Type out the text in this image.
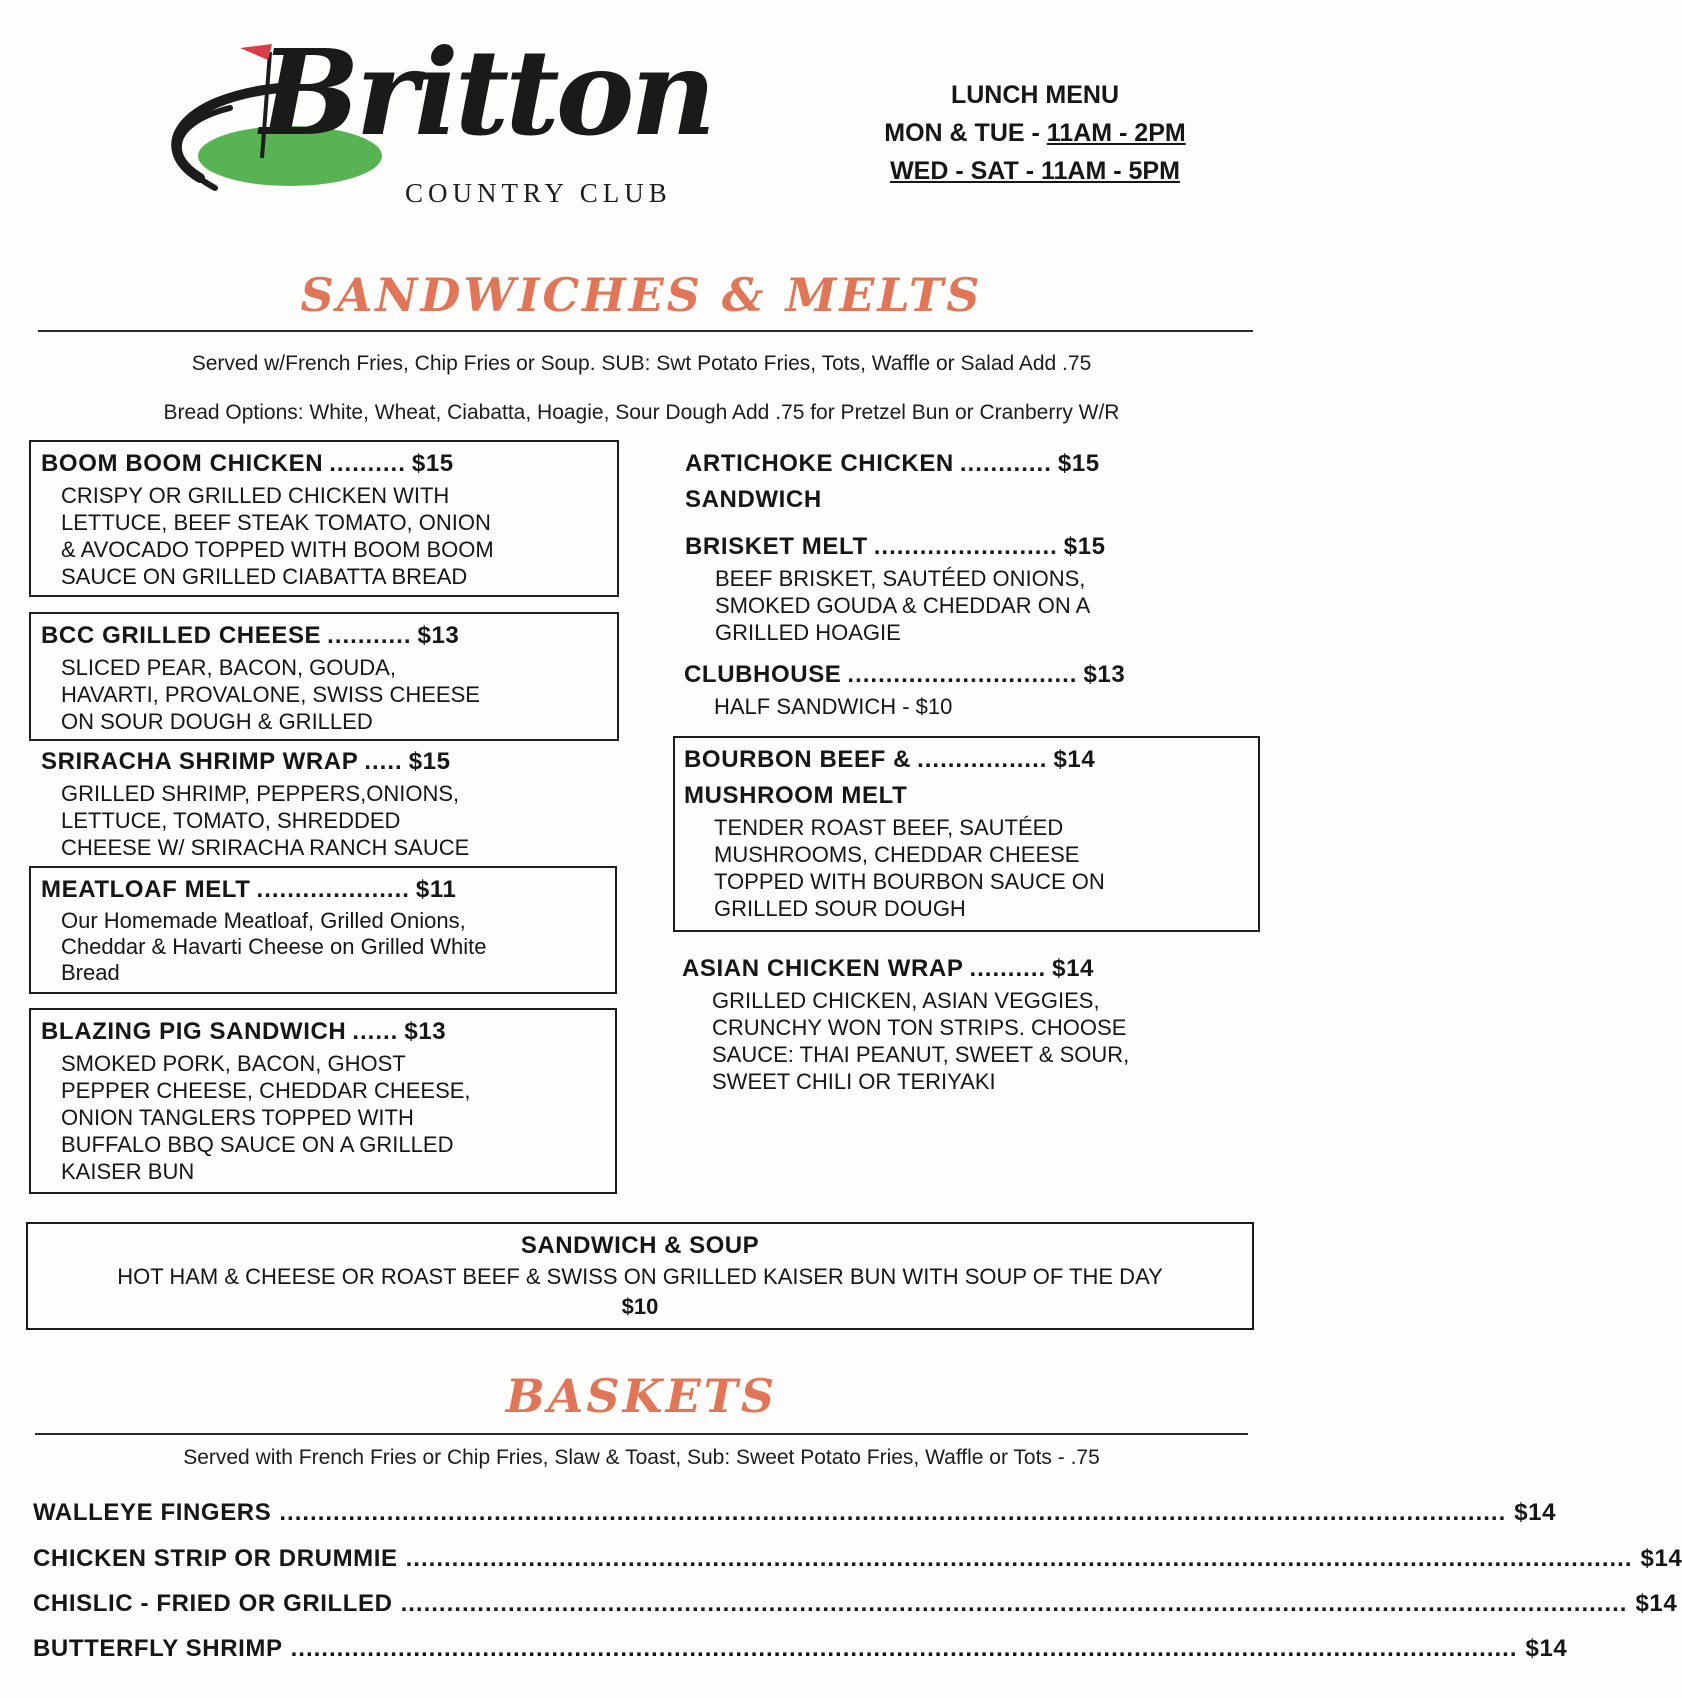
Britton
COUNTRY CLUB
LUNCH MENU
MON & TUE - 11AM - 2PM
WED - SAT - 11AM - 5PM
SANDWICHES & MELTS
Served w/French Fries, Chip Fries or Soup. SUB: Swt Potato Fries, Tots, Waffle or Salad Add .75
Bread Options: White, Wheat, Ciabatta, Hoagie, Sour Dough Add .75 for Pretzel Bun or Cranberry W/R
BOOM BOOM CHICKEN .......... $15
CRISPY OR GRILLED CHICKEN WITH
LETTUCE, BEEF STEAK TOMATO, ONION
& AVOCADO TOPPED WITH BOOM BOOM
SAUCE ON GRILLED CIABATTA BREAD
BCC GRILLED CHEESE ........... $13
SLICED PEAR, BACON, GOUDA,
HAVARTI, PROVALONE, SWISS CHEESE
ON SOUR DOUGH & GRILLED
SRIRACHA SHRIMP WRAP ..... $15
GRILLED SHRIMP, PEPPERS,ONIONS,
LETTUCE, TOMATO, SHREDDED
CHEESE W/ SRIRACHA RANCH SAUCE
MEATLOAF MELT .................... $11
Our Homemade Meatloaf, Grilled Onions,
Cheddar & Havarti Cheese on Grilled White
Bread
BLAZING PIG SANDWICH ...... $13
SMOKED PORK, BACON, GHOST
PEPPER CHEESE, CHEDDAR CHEESE,
ONION TANGLERS TOPPED WITH
BUFFALO BBQ SAUCE ON A GRILLED
KAISER BUN
ARTICHOKE CHICKEN ............ $15
SANDWICH
BRISKET MELT ........................ $15
BEEF BRISKET, SAUTÉED ONIONS,
SMOKED GOUDA & CHEDDAR ON A
GRILLED HOAGIE
CLUBHOUSE .............................. $13
HALF SANDWICH - $10
BOURBON BEEF & ................. $14
MUSHROOM MELT
TENDER ROAST BEEF, SAUTÉED
MUSHROOMS, CHEDDAR CHEESE
TOPPED WITH BOURBON SAUCE ON
GRILLED SOUR DOUGH
ASIAN CHICKEN WRAP .......... $14
GRILLED CHICKEN, ASIAN VEGGIES,
CRUNCHY WON TON STRIPS. CHOOSE
SAUCE: THAI PEANUT, SWEET & SOUR,
SWEET CHILI OR TERIYAKI
SANDWICH & SOUP
HOT HAM & CHEESE OR ROAST BEEF & SWISS ON GRILLED KAISER BUN WITH SOUP OF THE DAY
$10
BASKETS
Served with French Fries or Chip Fries, Slaw & Toast, Sub: Sweet Potato Fries, Waffle or Tots - .75
WALLEYE FINGERS ................................................................................................................................................................ $14
CHICKEN STRIP OR DRUMMIE ................................................................................................................................................................ $14
CHISLIC - FRIED OR GRILLED ................................................................................................................................................................ $14
BUTTERFLY SHRIMP ................................................................................................................................................................ $14
